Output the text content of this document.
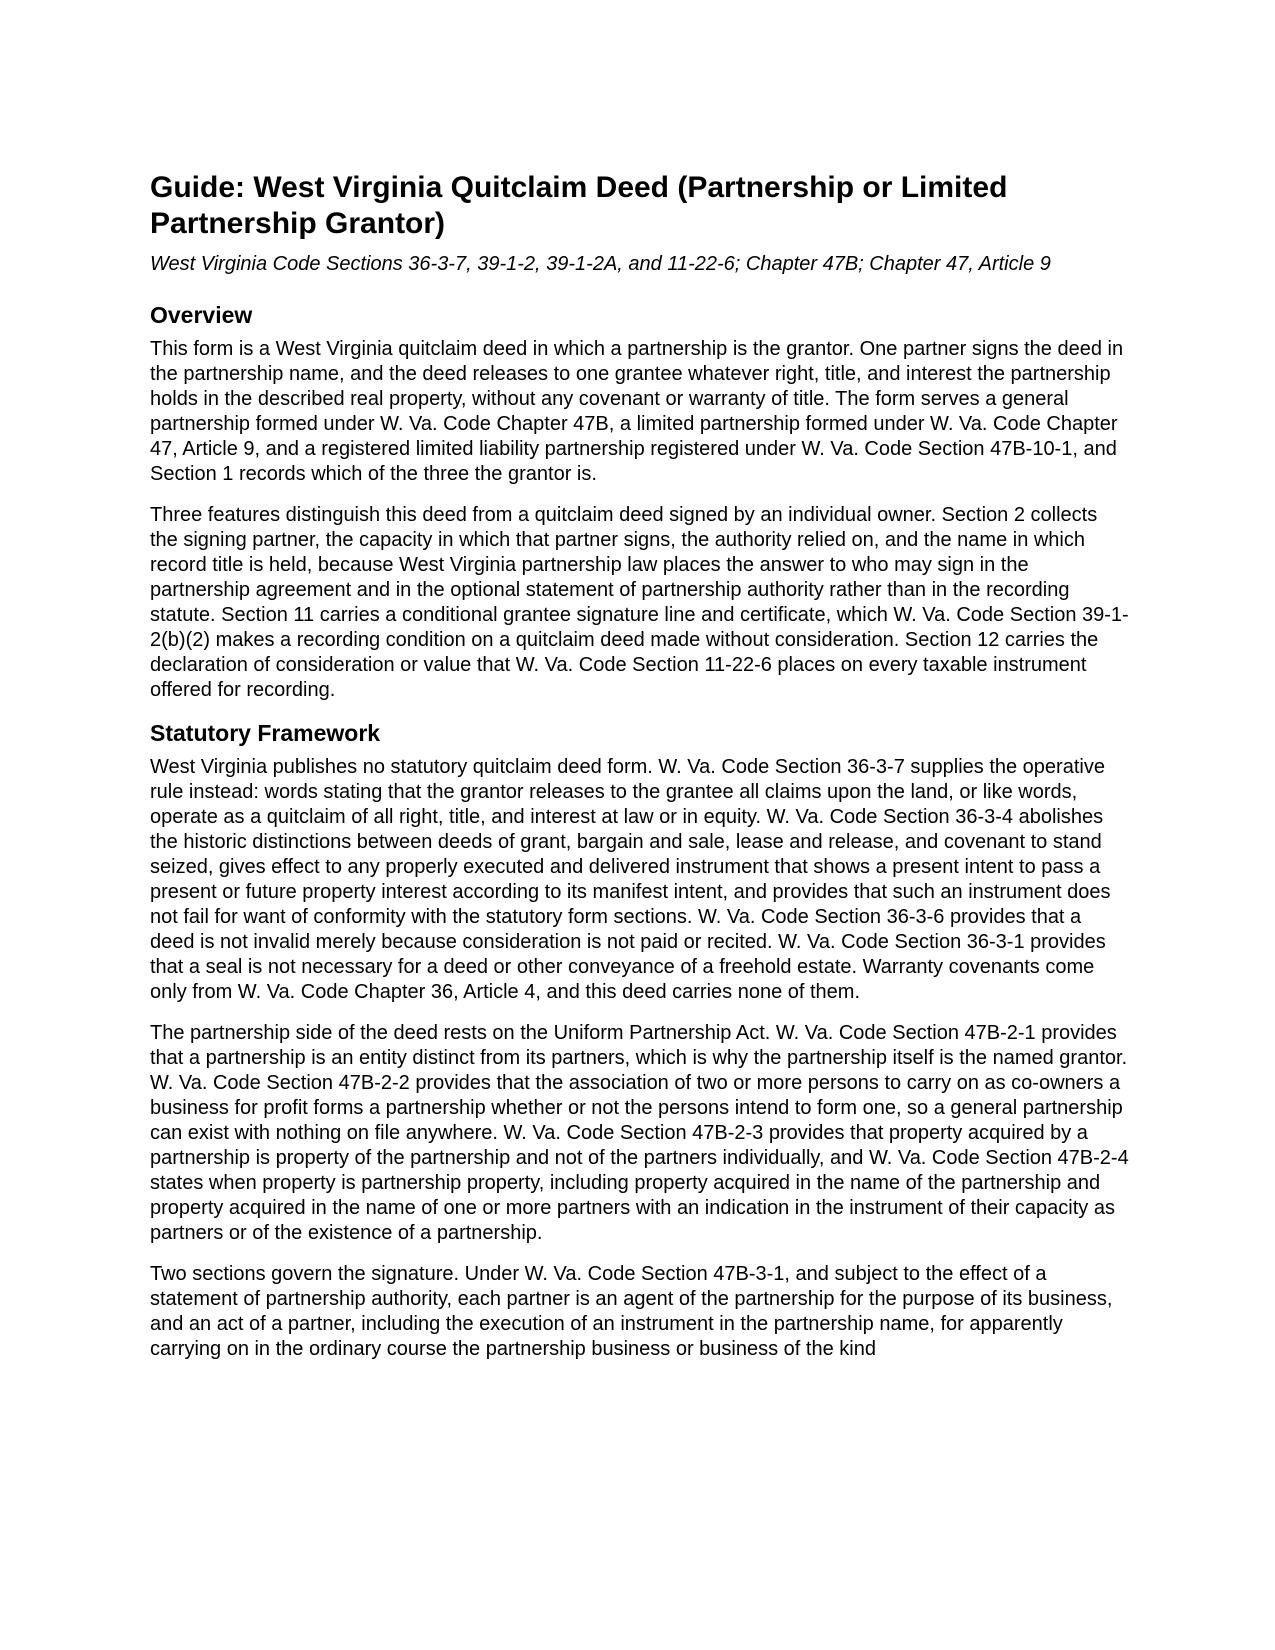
Guide: West Virginia Quitclaim Deed (Partnership or Limited Partnership Grantor)

West Virginia Code Sections 36-3-7, 39-1-2, 39-1-2A, and 11-22-6; Chapter 47B; Chapter 47, Article 9

Overview

This form is a West Virginia quitclaim deed in which a partnership is the grantor. One partner signs the deed in the partnership name, and the deed releases to one grantee whatever right, title, and interest the partnership holds in the described real property, without any covenant or warranty of title. The form serves a general partnership formed under W. Va. Code Chapter 47B, a limited partnership formed under W. Va. Code Chapter 47, Article 9, and a registered limited liability partnership registered under W. Va. Code Section 47B-10-1, and Section 1 records which of the three the grantor is.

Three features distinguish this deed from a quitclaim deed signed by an individual owner. Section 2 collects the signing partner, the capacity in which that partner signs, the authority relied on, and the name in which record title is held, because West Virginia partnership law places the answer to who may sign in the partnership agreement and in the optional statement of partnership authority rather than in the recording statute. Section 11 carries a conditional grantee signature line and certificate, which W. Va. Code Section 39-1-2(b)(2) makes a recording condition on a quitclaim deed made without consideration. Section 12 carries the declaration of consideration or value that W. Va. Code Section 11-22-6 places on every taxable instrument offered for recording.

Statutory Framework

West Virginia publishes no statutory quitclaim deed form. W. Va. Code Section 36-3-7 supplies the operative rule instead: words stating that the grantor releases to the grantee all claims upon the land, or like words, operate as a quitclaim of all right, title, and interest at law or in equity. W. Va. Code Section 36-3-4 abolishes the historic distinctions between deeds of grant, bargain and sale, lease and release, and covenant to stand seized, gives effect to any properly executed and delivered instrument that shows a present intent to pass a present or future property interest according to its manifest intent, and provides that such an instrument does not fail for want of conformity with the statutory form sections. W. Va. Code Section 36-3-6 provides that a deed is not invalid merely because consideration is not paid or recited. W. Va. Code Section 36-3-1 provides that a seal is not necessary for a deed or other conveyance of a freehold estate. Warranty covenants come only from W. Va. Code Chapter 36, Article 4, and this deed carries none of them.

The partnership side of the deed rests on the Uniform Partnership Act. W. Va. Code Section 47B-2-1 provides that a partnership is an entity distinct from its partners, which is why the partnership itself is the named grantor. W. Va. Code Section 47B-2-2 provides that the association of two or more persons to carry on as co-owners a business for profit forms a partnership whether or not the persons intend to form one, so a general partnership can exist with nothing on file anywhere. W. Va. Code Section 47B-2-3 provides that property acquired by a partnership is property of the partnership and not of the partners individually, and W. Va. Code Section 47B-2-4 states when property is partnership property, including property acquired in the name of the partnership and property acquired in the name of one or more partners with an indication in the instrument of their capacity as partners or of the existence of a partnership.

Two sections govern the signature. Under W. Va. Code Section 47B-3-1, and subject to the effect of a statement of partnership authority, each partner is an agent of the partnership for the purpose of its business, and an act of a partner, including the execution of an instrument in the partnership name, for apparently carrying on in the ordinary course the partnership business or business of the kind
